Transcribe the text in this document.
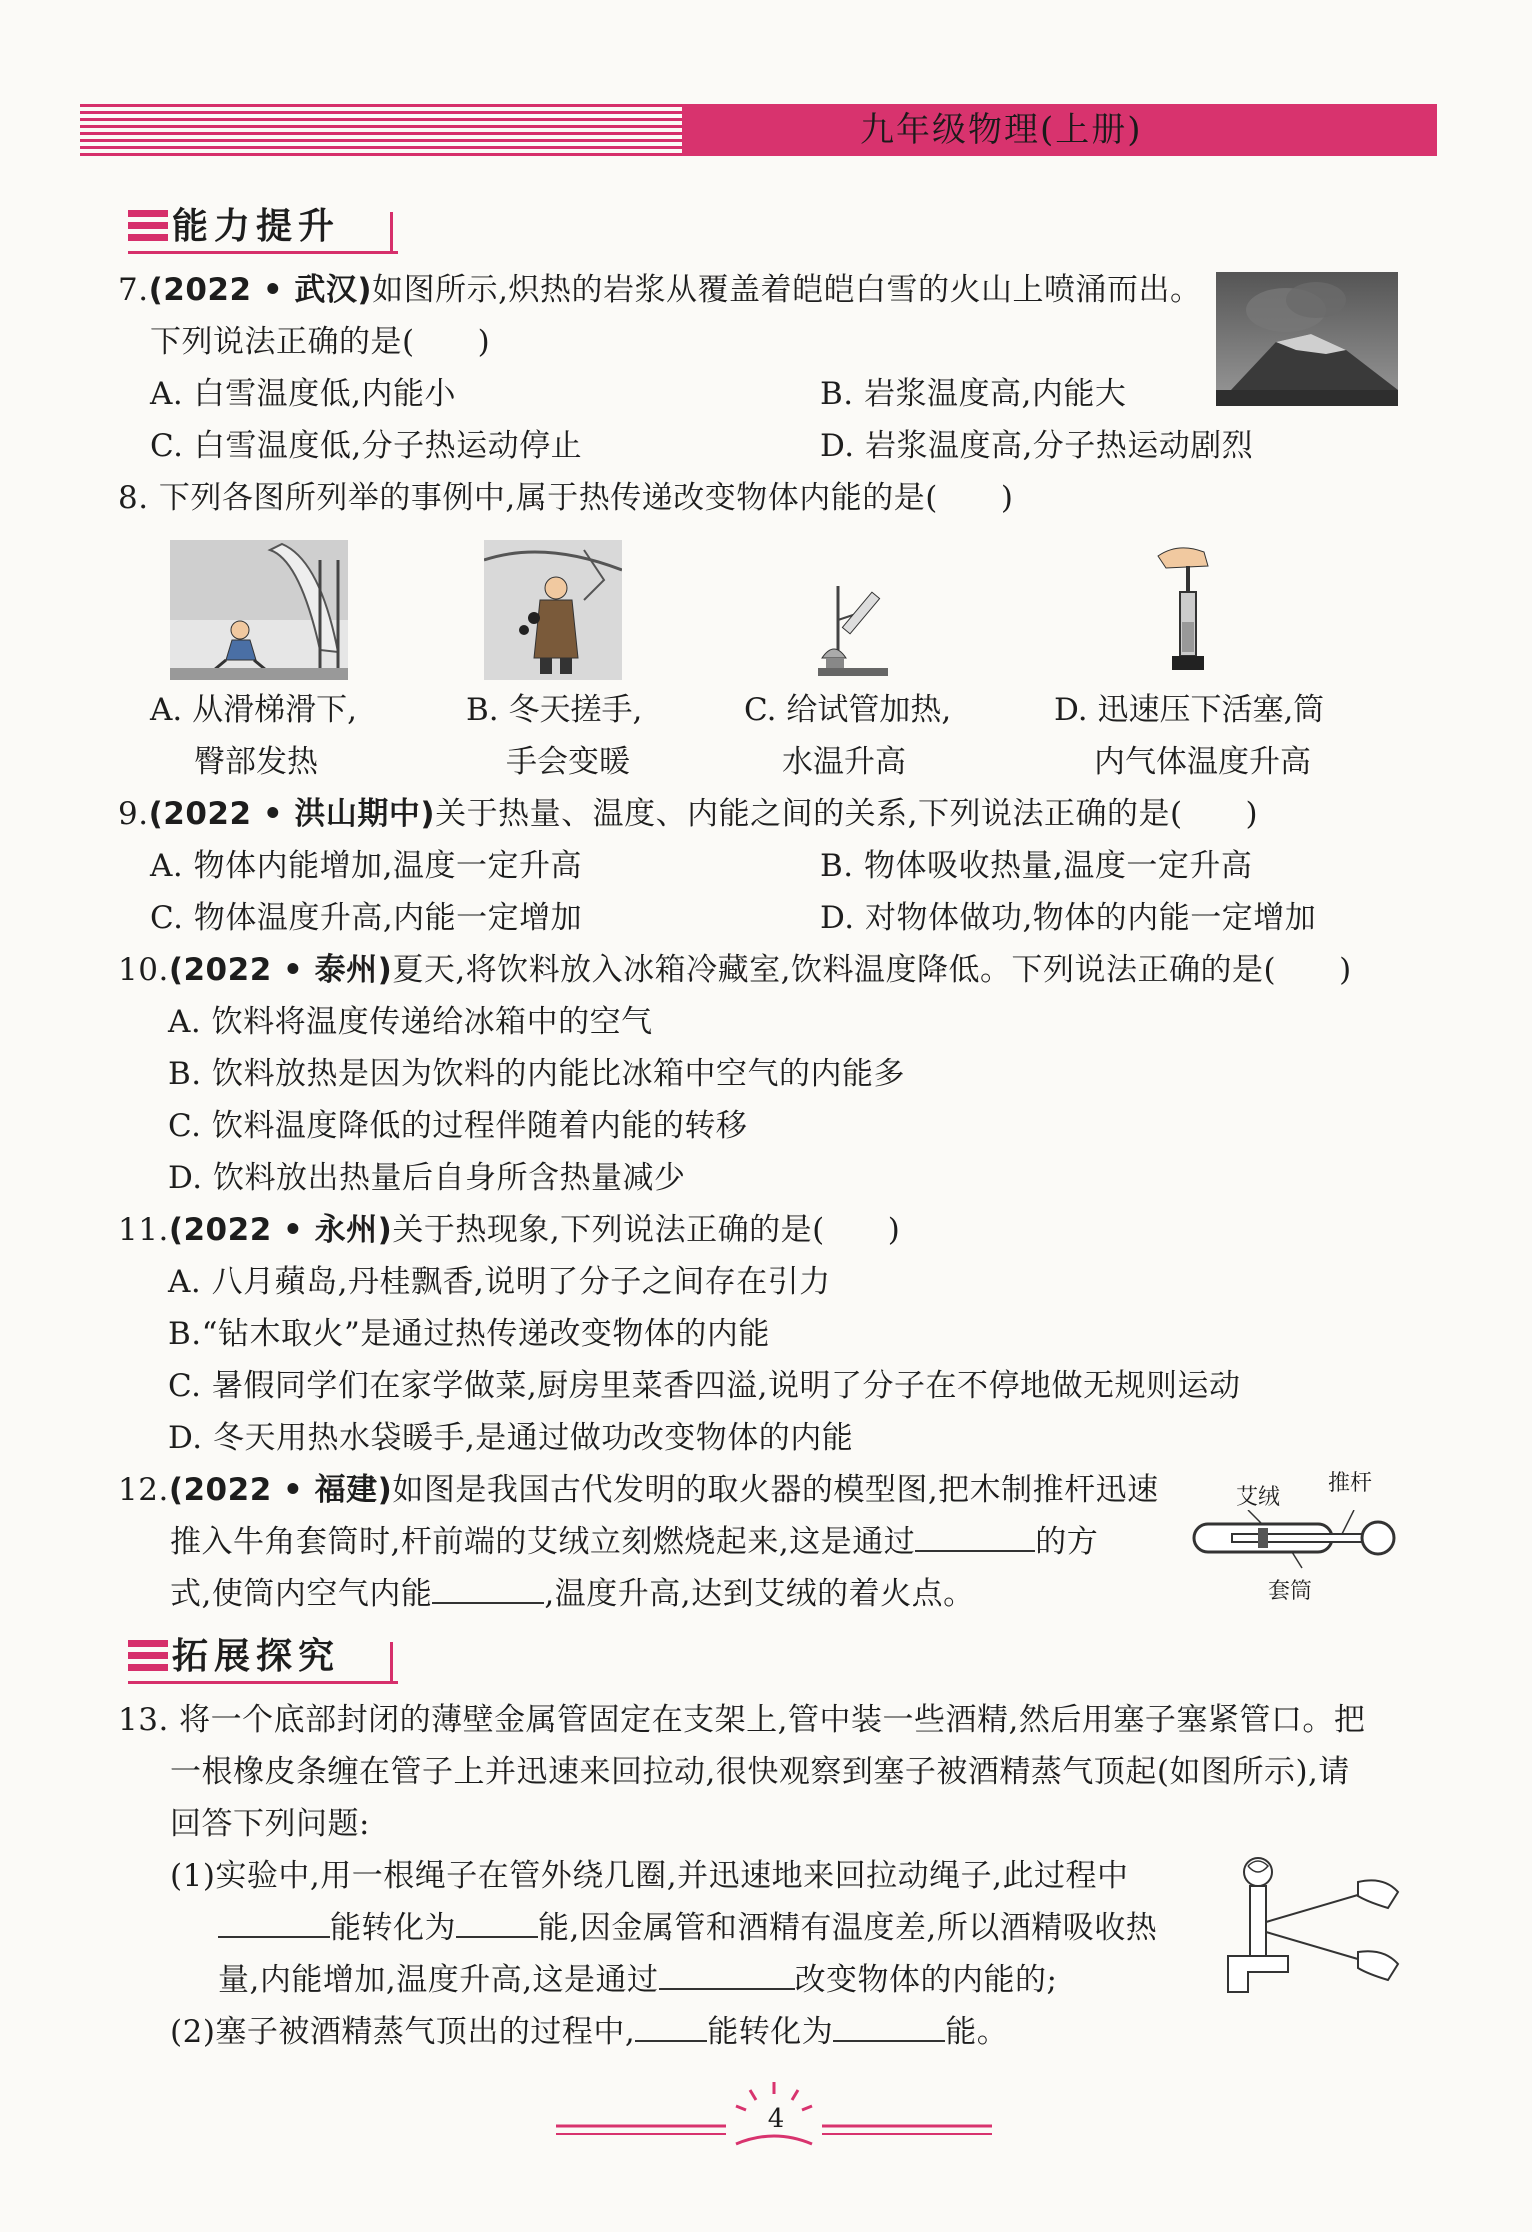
九年级物理(上册)
能力提升
7.(2022 • 武汉)如图所示,炽热的岩浆从覆盖着皑皑白雪的火山上喷涌而出。
下列说法正确的是(　　)
A. 白雪温度低,内能小	B. 岩浆温度高,内能大
C. 白雪温度低,分子热运动停止	D. 岩浆温度高,分子热运动剧烈
8. 下列各图所列举的事例中,属于热传递改变物体内能的是(　　)
A. 从滑梯滑下,
臀部发热
B. 冬天搓手,
手会变暖
C. 给试管加热,
水温升高
D. 迅速压下活塞,筒
内气体温度升高
9.(2022 • 洪山期中)关于热量、温度、内能之间的关系,下列说法正确的是(　　)
A. 物体内能增加,温度一定升高	B. 物体吸收热量,温度一定升高
C. 物体温度升高,内能一定增加	D. 对物体做功,物体的内能一定增加
10.(2022 • 泰州)夏天,将饮料放入冰箱冷藏室,饮料温度降低。下列说法正确的是(　　)
A. 饮料将温度传递给冰箱中的空气
B. 饮料放热是因为饮料的内能比冰箱中空气的内能多
C. 饮料温度降低的过程伴随着内能的转移
D. 饮料放出热量后自身所含热量减少
11.(2022 • 永州)关于热现象,下列说法正确的是(　　)
A. 八月蘋岛,丹桂飘香,说明了分子之间存在引力
B.“钻木取火”是通过热传递改变物体的内能
C. 暑假同学们在家学做菜,厨房里菜香四溢,说明了分子在不停地做无规则运动
D. 冬天用热水袋暖手,是通过做功改变物体的内能
12.(2022 • 福建)如图是我国古代发明的取火器的模型图,把木制推杆迅速
推入牛角套筒时,杆前端的艾绒立刻燃烧起来,这是通过	的方
式,使筒内空气内能	,温度升高,达到艾绒的着火点。
艾绒
推杆
套筒
拓展探究
13. 将一个底部封闭的薄壁金属管固定在支架上,管中装一些酒精,然后用塞子塞紧管口。把
一根橡皮条缠在管子上并迅速来回拉动,很快观察到塞子被酒精蒸气顶起(如图所示),请
回答下列问题:
(1)实验中,用一根绳子在管外绕几圈,并迅速地来回拉动绳子,此过程中
能转化为	能,因金属管和酒精有温度差,所以酒精吸收热
量,内能增加,温度升高,这是通过	改变物体的内能的;
(2)塞子被酒精蒸气顶出的过程中, 能转化为	能。
4
